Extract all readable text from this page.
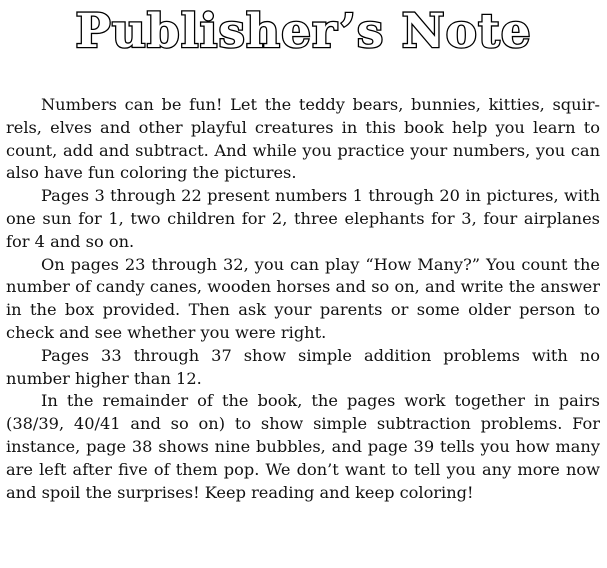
Publisher’s Note

Numbers can be fun! Let the teddy bears, bunnies, kitties, squirrels, elves and other playful creatures in this book help you learn to count, add and subtract. And while you practice your numbers, you can also have fun coloring the pictures.

Pages 3 through 22 present numbers 1 through 20 in pictures, with one sun for 1, two children for 2, three elephants for 3, four airplanes for 4 and so on.

On pages 23 through 32, you can play “How Many?” You count the number of candy canes, wooden horses and so on, and write the answer in the box provided. Then ask your parents or some older person to check and see whether you were right.

Pages 33 through 37 show simple addition problems with no number higher than 12.

In the remainder of the book, the pages work together in pairs (38/39, 40/41 and so on) to show simple subtraction problems. For instance, page 38 shows nine bubbles, and page 39 tells you how many are left after five of them pop. We don’t want to tell you any more now and spoil the surprises! Keep reading and keep coloring!
